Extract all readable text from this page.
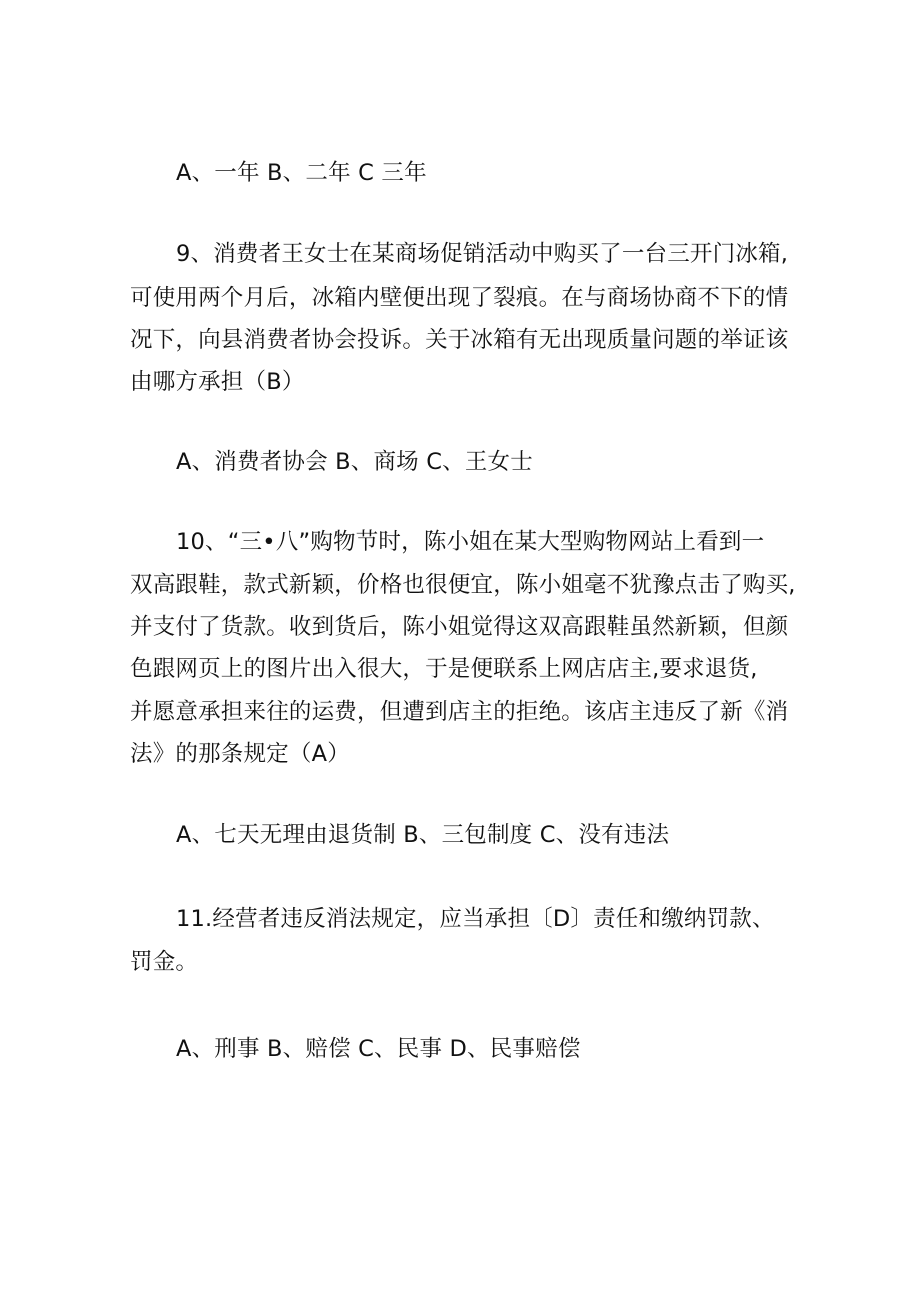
A、一年 B、二年 C 三年
9、消费者王女士在某商场促销活动中购买了一台三开门冰箱,
可使用两个月后，冰箱内壁便出现了裂痕。在与商场协商不下的情
况下，向县消费者协会投诉。关于冰箱有无出现质量问题的举证该
由哪方承担（B）
A、消费者协会 B、商场 C、王女士
10、“三•八”购物节时，陈小姐在某大型购物网站上看到一
双高跟鞋，款式新颖，价格也很便宜，陈小姐毫不犹豫点击了购买,
并支付了货款。收到货后，陈小姐觉得这双高跟鞋虽然新颖，但颜
色跟网页上的图片出入很大，于是便联系上网店店主,要求退货,
并愿意承担来往的运费，但遭到店主的拒绝。该店主违反了新《消
法》的那条规定（A）
A、七天无理由退货制 B、三包制度 C、没有违法
11.经营者违反消法规定，应当承担〔D〕责任和缴纳罚款、
罚金。
A、刑事 B、赔偿 C、民事 D、民事赔偿
